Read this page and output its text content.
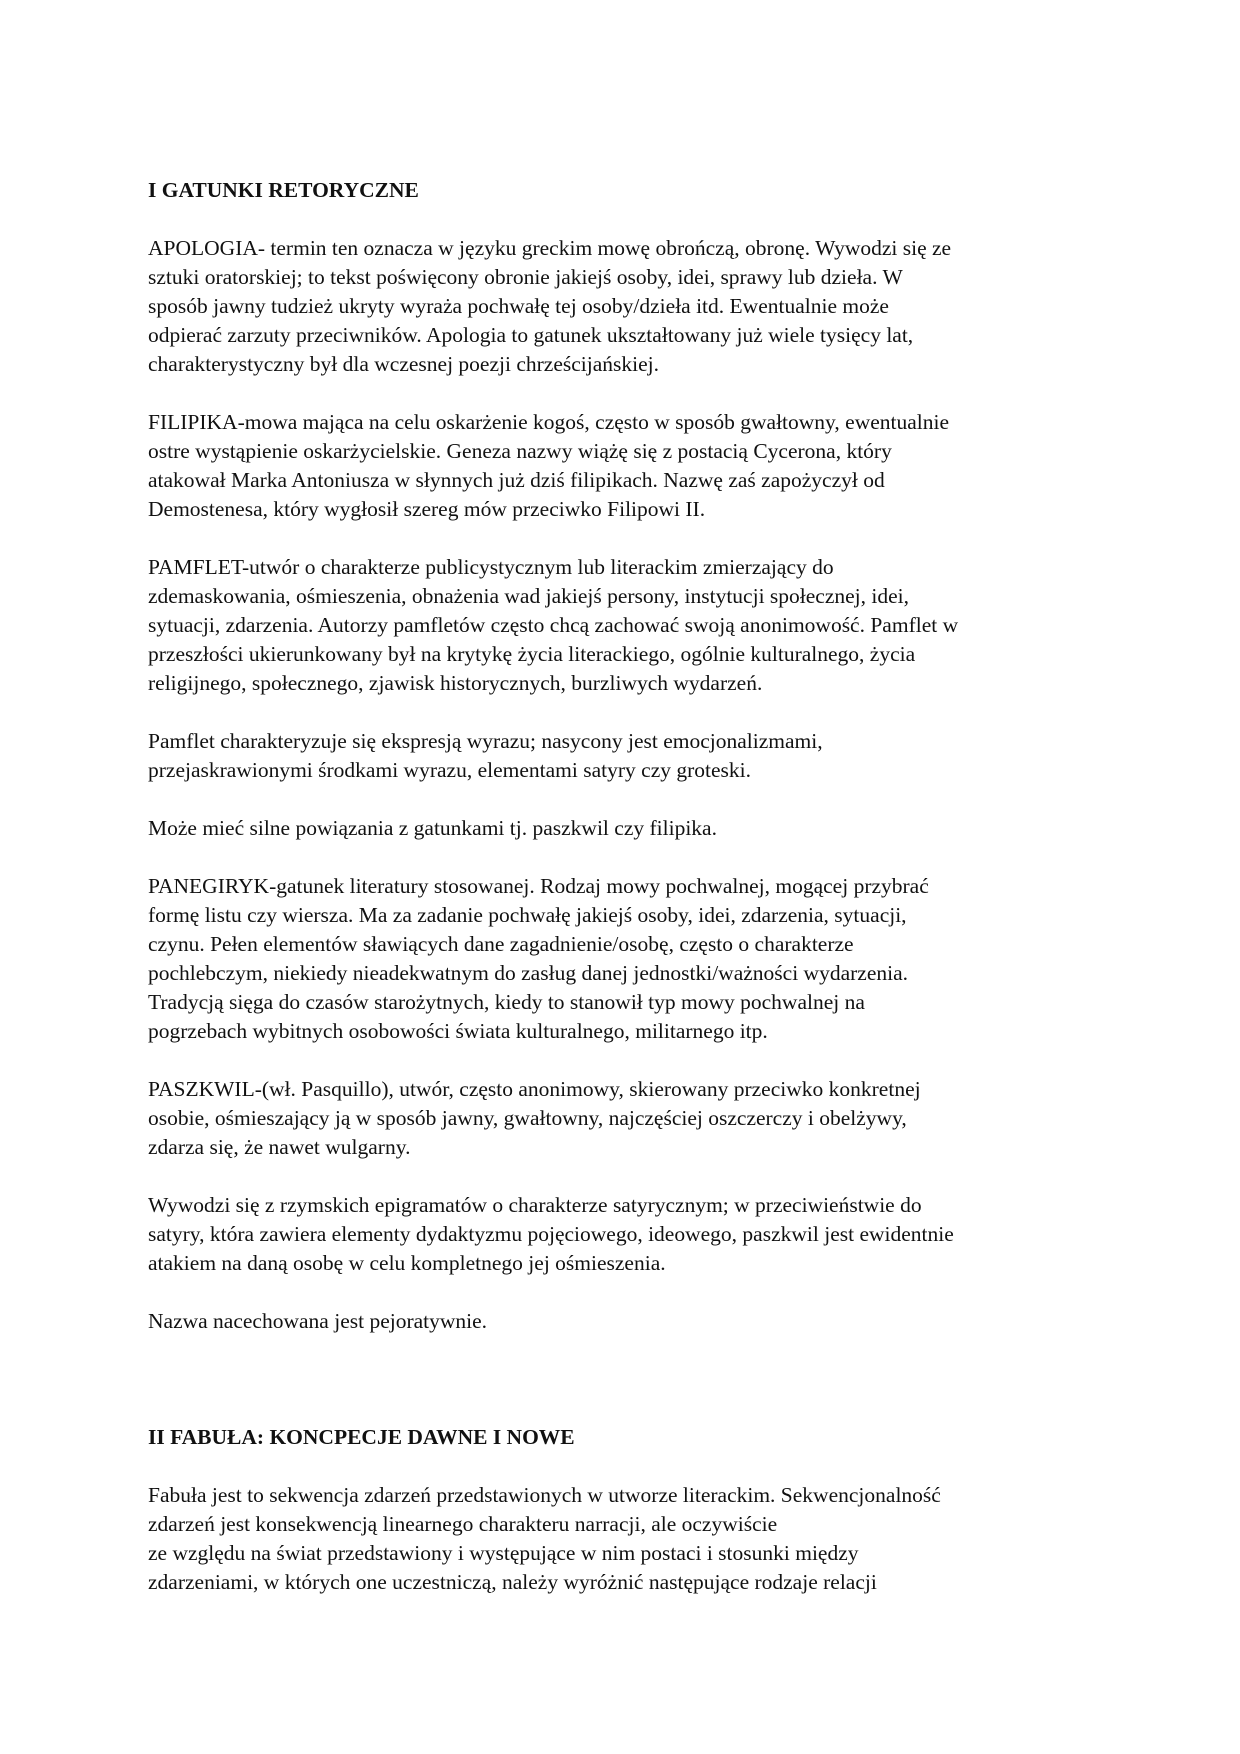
I GATUNKI RETORYCZNE
APOLOGIA- termin ten oznacza w języku greckim mowę obrończą, obronę. Wywodzi się ze
sztuki oratorskiej; to tekst poświęcony obronie jakiejś osoby, idei, sprawy lub dzieła. W
sposób jawny tudzież ukryty wyraża pochwałę tej osoby/dzieła itd. Ewentualnie może
odpierać zarzuty przeciwników. Apologia to gatunek ukształtowany już wiele tysięcy lat,
charakterystyczny był dla wczesnej poezji chrześcijańskiej.
FILIPIKA-mowa mająca na celu oskarżenie kogoś, często w sposób gwałtowny, ewentualnie
ostre wystąpienie oskarżycielskie. Geneza nazwy wiążę się z postacią Cycerona, który
atakował Marka Antoniusza w słynnych już dziś filipikach. Nazwę zaś zapożyczył od
Demostenesa, który wygłosił szereg mów przeciwko Filipowi II.
PAMFLET-utwór o charakterze publicystycznym lub literackim zmierzający do
zdemaskowania, ośmieszenia, obnażenia wad jakiejś persony, instytucji społecznej, idei,
sytuacji, zdarzenia. Autorzy pamfletów często chcą zachować swoją anonimowość. Pamflet w
przeszłości ukierunkowany był na krytykę życia literackiego, ogólnie kulturalnego, życia
religijnego, społecznego, zjawisk historycznych, burzliwych wydarzeń.
Pamflet charakteryzuje się ekspresją wyrazu; nasycony jest emocjonalizmami,
przejaskrawionymi środkami wyrazu, elementami satyry czy groteski.
Może mieć silne powiązania z gatunkami tj. paszkwil czy filipika.
PANEGIRYK-gatunek literatury stosowanej. Rodzaj mowy pochwalnej, mogącej przybrać
formę listu czy wiersza. Ma za zadanie pochwałę jakiejś osoby, idei, zdarzenia, sytuacji,
czynu. Pełen elementów sławiących dane zagadnienie/osobę, często o charakterze
pochlebczym, niekiedy nieadekwatnym do zasług danej jednostki/ważności wydarzenia.
Tradycją sięga do czasów starożytnych, kiedy to stanowił typ mowy pochwalnej na
pogrzebach wybitnych osobowości świata kulturalnego, militarnego itp.
PASZKWIL-(wł. Pasquillo), utwór, często anonimowy, skierowany przeciwko konkretnej
osobie, ośmieszający ją w sposób jawny, gwałtowny, najczęściej oszczerczy i obelżywy,
zdarza się, że nawet wulgarny.
Wywodzi się z rzymskich epigramatów o charakterze satyrycznym; w przeciwieństwie do
satyry, która zawiera elementy dydaktyzmu pojęciowego, ideowego, paszkwil jest ewidentnie
atakiem na daną osobę w celu kompletnego jej ośmieszenia.
Nazwa nacechowana jest pejoratywnie.
II FABUŁA: KONCPECJE DAWNE I NOWE
Fabuła jest to sekwencja zdarzeń przedstawionych w utworze literackim. Sekwencjonalność
zdarzeń jest konsekwencją linearnego charakteru narracji, ale oczywiście
ze względu na świat przedstawiony i występujące w nim postaci i stosunki między
zdarzeniami, w których one uczestniczą, należy wyróżnić następujące rodzaje relacji
